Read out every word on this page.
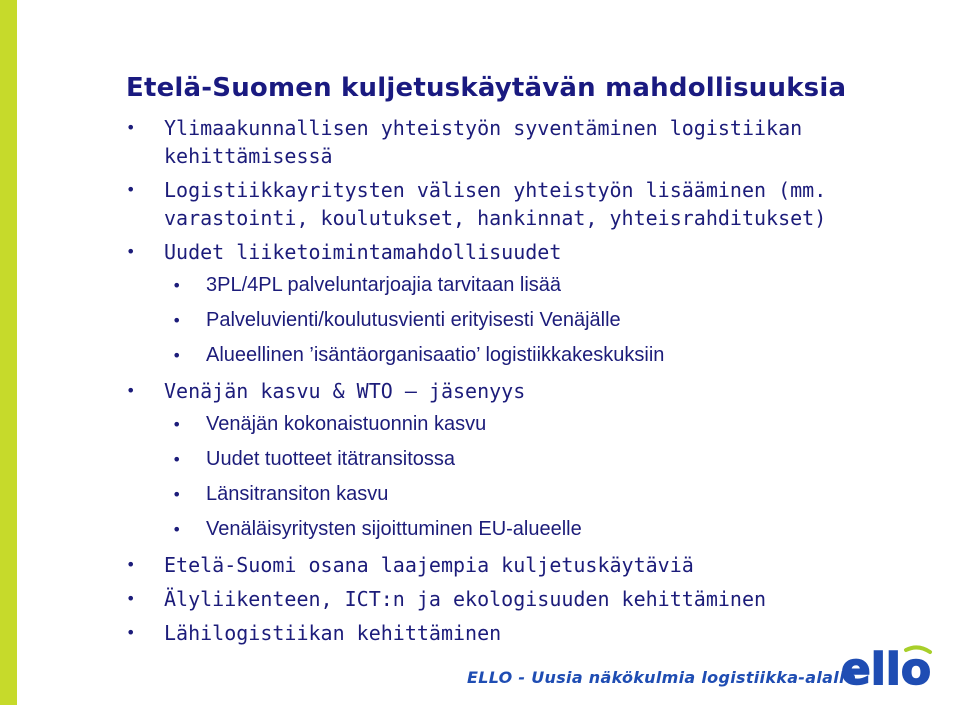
Etelä-Suomen kuljetuskäytävän mahdollisuuksia
• Ylimaakunnallisen yhteistyön syventäminen logistiikan kehittämisessä
• Logistiikkayritysten välisen yhteistyön lisääminen (mm. varastointi, koulutukset, hankinnat, yhteisrahditukset)
• Uudet liiketoimintamahdollisuudet
• 3PL/4PL palveluntarjoajia tarvitaan lisää
• Palveluvienti/koulutusvienti erityisesti Venäjälle
• Alueellinen ’isäntäorganisaatio’ logistiikkakeskuksiin
• Venäjän kasvu & WTO – jäsenyys
• Venäjän kokonaistuonnin kasvu
• Uudet tuotteet itätransitossa
• Länsitransiton kasvu
• Venäläisyritysten sijoittuminen EU-alueelle
• Etelä-Suomi osana laajempia kuljetuskäytäviä
• Älyliikenteen, ICT:n ja ekologisuuden kehittäminen
• Lähilogistiikan kehittäminen

ELLO - Uusia näkökulmia logistiikka-alalle

ello
